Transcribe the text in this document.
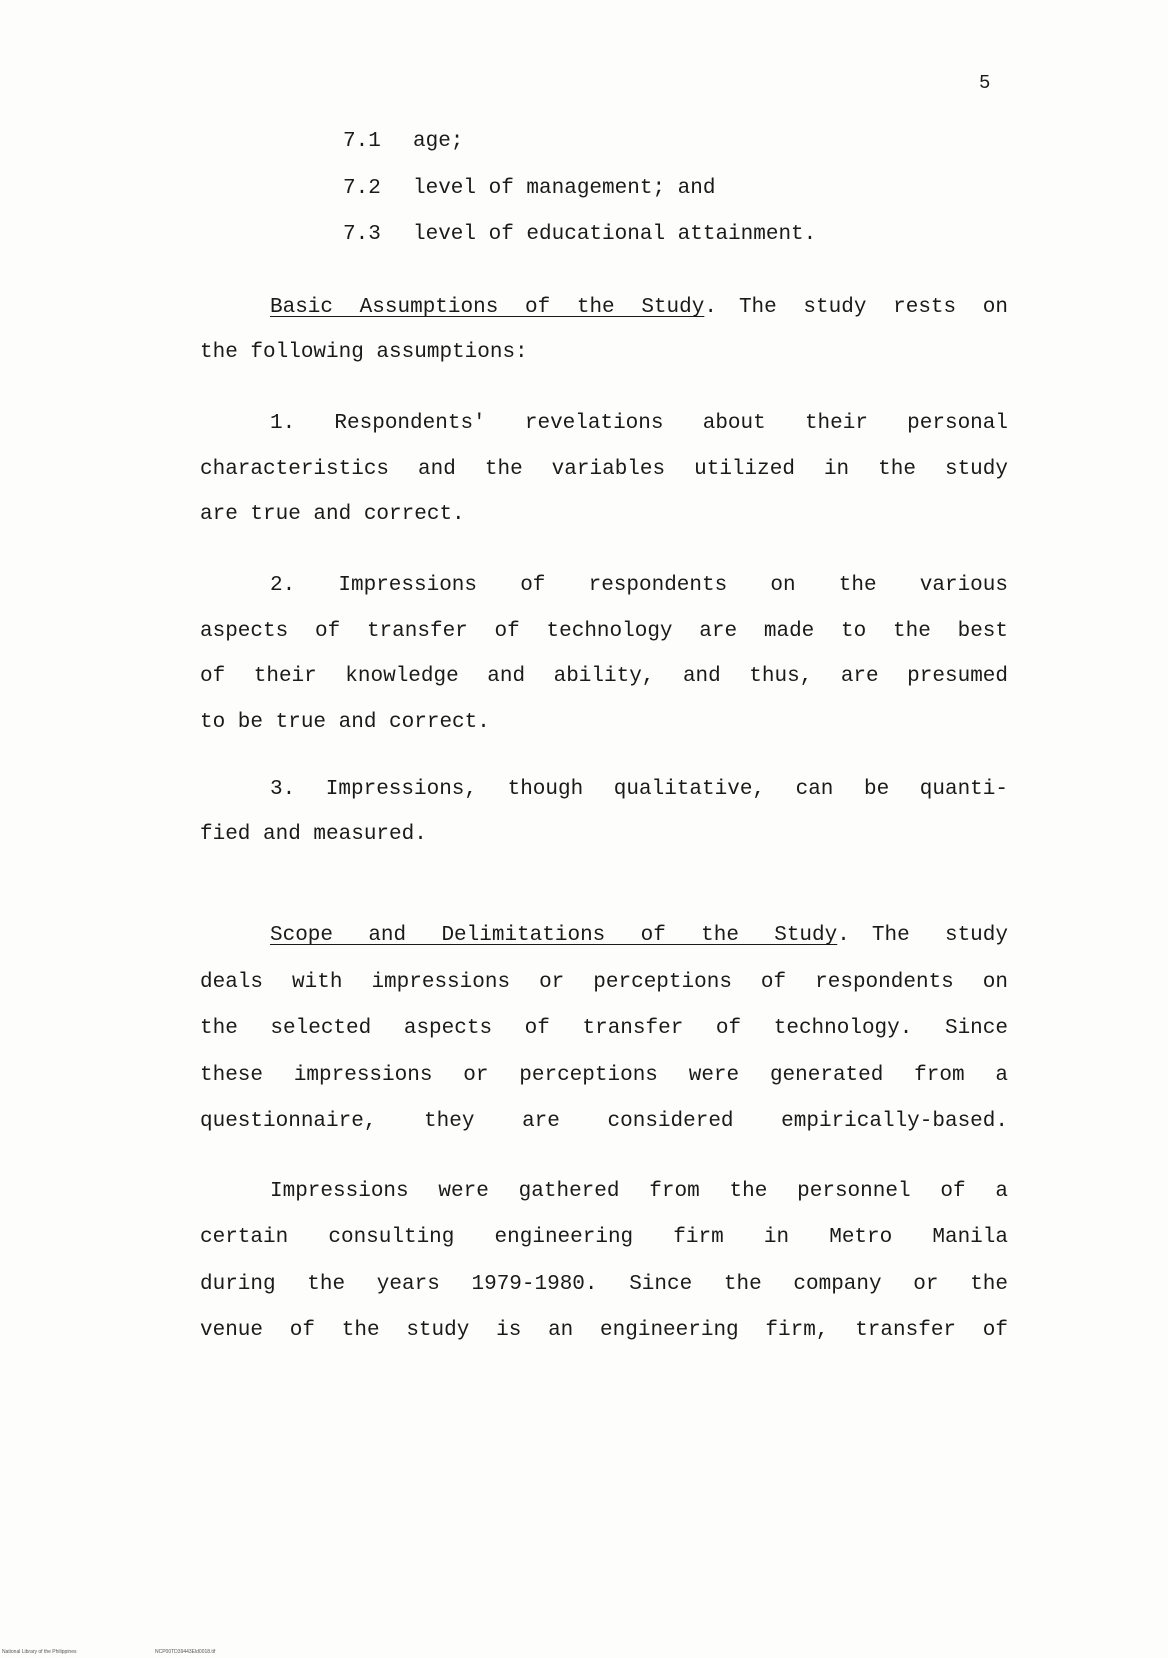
5
7.1 age;
7.2 level of management; and
7.3 level of educational attainment.
Basic Assumptions of the Study. The study rests on
the following assumptions:
1. Respondents' revelations about their personal
characteristics and the variables utilized in the study
are true and correct.
2. Impressions of respondents on the various
aspects of transfer of technology are made to the best
of their knowledge and ability, and thus, are presumed
to be true and correct.
3. Impressions, though qualitative, can be quanti-
fied and measured.
Scope and Delimitations of the Study. The study
deals with impressions or perceptions of respondents on
the selected aspects of transfer of technology. Since
these impressions or perceptions were generated from a
questionnaire, they are considered empirically-based.
Impressions were gathered from the personnel of a
certain consulting engineering firm in Metro Manila
during the years 1979-1980. Since the company or the
venue of the study is an engineering firm, transfer of
National Library of the Philippines	NCP00TD39443Eld0018.tif
